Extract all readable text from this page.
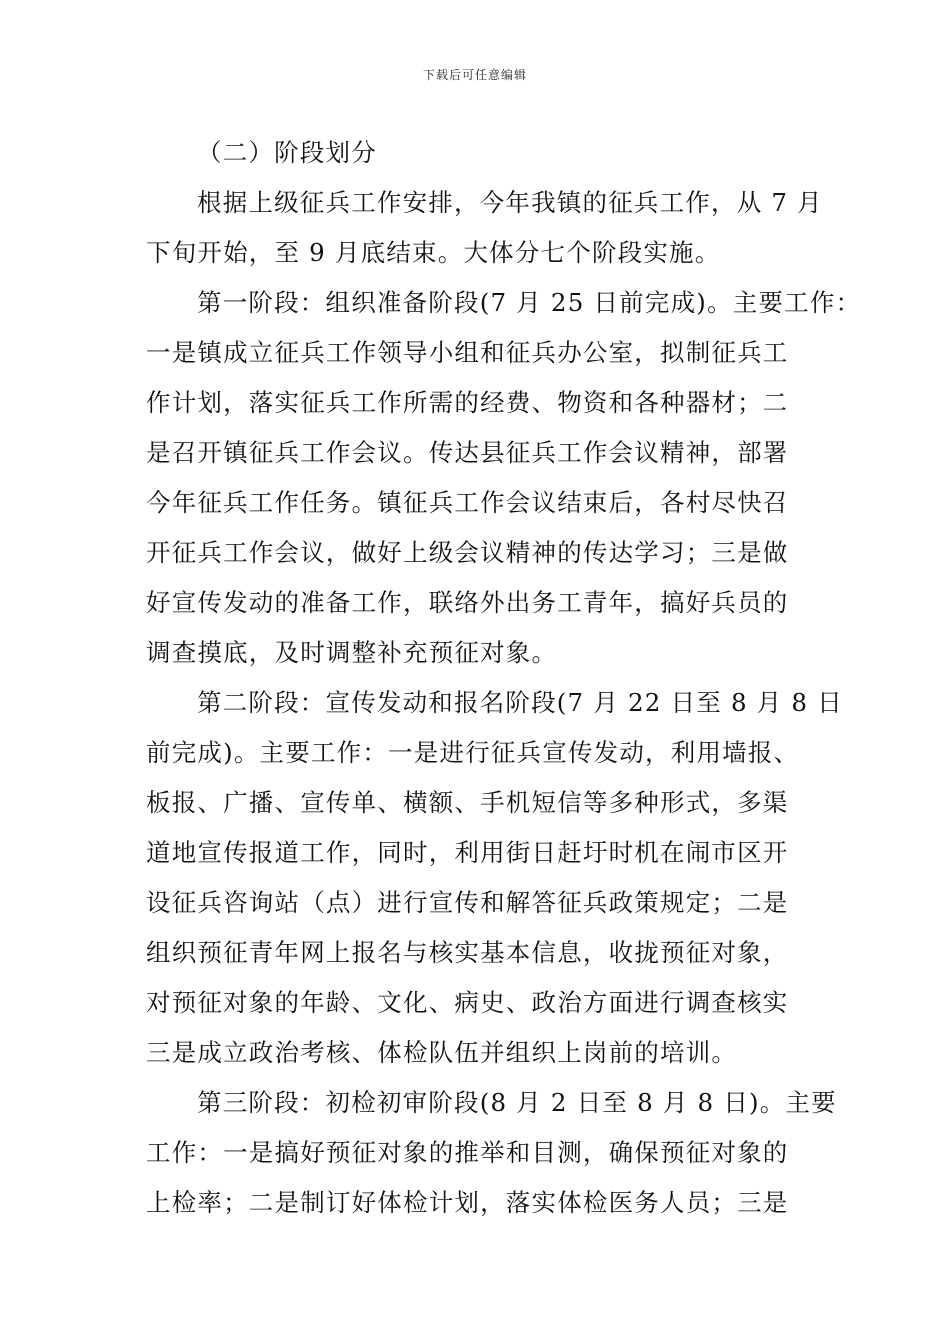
下载后可任意编辑
（二）阶段划分
根据上级征兵工作安排，今年我镇的征兵工作，从 7 月
下旬开始，至 9 月底结束。大体分七个阶段实施。
第一阶段：组织准备阶段(7 月 25 日前完成)。主要工作：
一是镇成立征兵工作领导小组和征兵办公室，拟制征兵工
作计划，落实征兵工作所需的经费、物资和各种器材；二
是召开镇征兵工作会议。传达县征兵工作会议精神，部署
今年征兵工作任务。镇征兵工作会议结束后，各村尽快召
开征兵工作会议，做好上级会议精神的传达学习；三是做
好宣传发动的准备工作，联络外出务工青年，搞好兵员的
调查摸底，及时调整补充预征对象。
第二阶段：宣传发动和报名阶段(7 月 22 日至 8 月 8 日
前完成)。主要工作：一是进行征兵宣传发动，利用墙报、
板报、广播、宣传单、横额、手机短信等多种形式，多渠
道地宣传报道工作，同时，利用街日赶圩时机在闹市区开
设征兵咨询站（点）进行宣传和解答征兵政策规定；二是
组织预征青年网上报名与核实基本信息，收拢预征对象，
对预征对象的年龄、文化、病史、政治方面进行调查核实
三是成立政治考核、体检队伍并组织上岗前的培训。
第三阶段：初检初审阶段(8 月 2 日至 8 月 8 日)。主要
工作：一是搞好预征对象的推举和目测，确保预征对象的
上检率；二是制订好体检计划，落实体检医务人员；三是
